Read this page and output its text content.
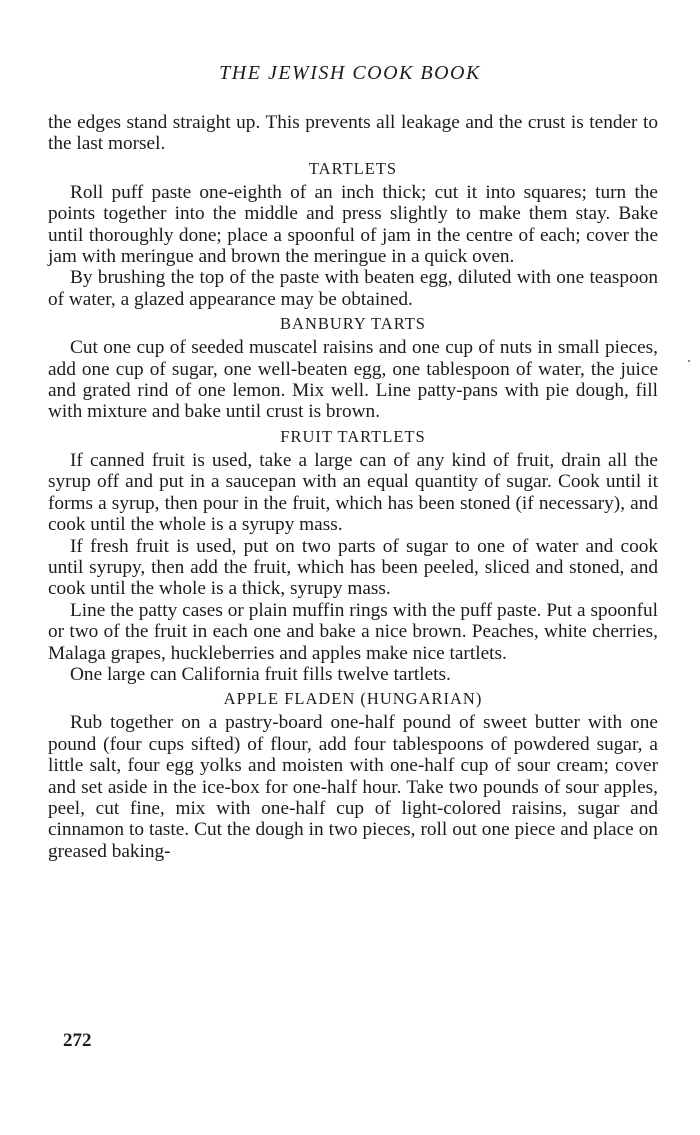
THE JEWISH COOK BOOK

the edges stand straight up. This prevents all leakage and the crust is tender to the last morsel.

TARTLETS

Roll puff paste one-eighth of an inch thick; cut it into squares; turn the points together into the middle and press slightly to make them stay. Bake until thoroughly done; place a spoonful of jam in the centre of each; cover the jam with meringue and brown the meringue in a quick oven.

By brushing the top of the paste with beaten egg, diluted with one teaspoon of water, a glazed appearance may be obtained.

BANBURY TARTS

Cut one cup of seeded muscatel raisins and one cup of nuts in small pieces, add one cup of sugar, one well-beaten egg, one tablespoon of water, the juice and grated rind of one lemon. Mix well. Line patty-pans with pie dough, fill with mixture and bake until crust is brown.

FRUIT TARTLETS

If canned fruit is used, take a large can of any kind of fruit, drain all the syrup off and put in a saucepan with an equal quantity of sugar. Cook until it forms a syrup, then pour in the fruit, which has been stoned (if necessary), and cook until the whole is a syrupy mass.

If fresh fruit is used, put on two parts of sugar to one of water and cook until syrupy, then add the fruit, which has been peeled, sliced and stoned, and cook until the whole is a thick, syrupy mass.

Line the patty cases or plain muffin rings with the puff paste. Put a spoonful or two of the fruit in each one and bake a nice brown. Peaches, white cherries, Malaga grapes, huckleberries and apples make nice tartlets.

One large can California fruit fills twelve tartlets.

APPLE FLADEN (HUNGARIAN)

Rub together on a pastry-board one-half pound of sweet butter with one pound (four cups sifted) of flour, add four tablespoons of powdered sugar, a little salt, four egg yolks and moisten with one-half cup of sour cream; cover and set aside in the ice-box for one-half hour. Take two pounds of sour apples, peel, cut fine, mix with one-half cup of light-colored raisins, sugar and cinnamon to taste. Cut the dough in two pieces, roll out one piece and place on greased baking-

272
